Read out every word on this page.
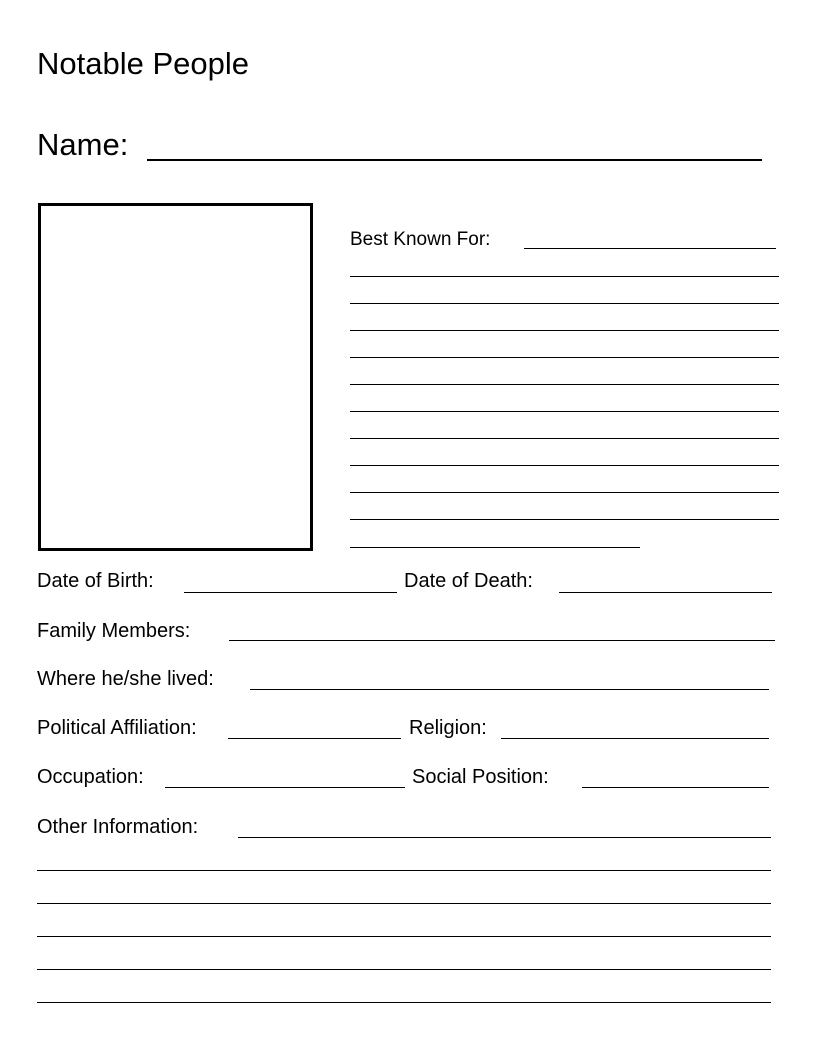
Notable People
Name:
Best Known For:
Date of Birth:	Date of Death:
Family Members:
Where he/she lived:
Political Affiliation:	Religion:
Occupation:	Social Position:
Other Information:
